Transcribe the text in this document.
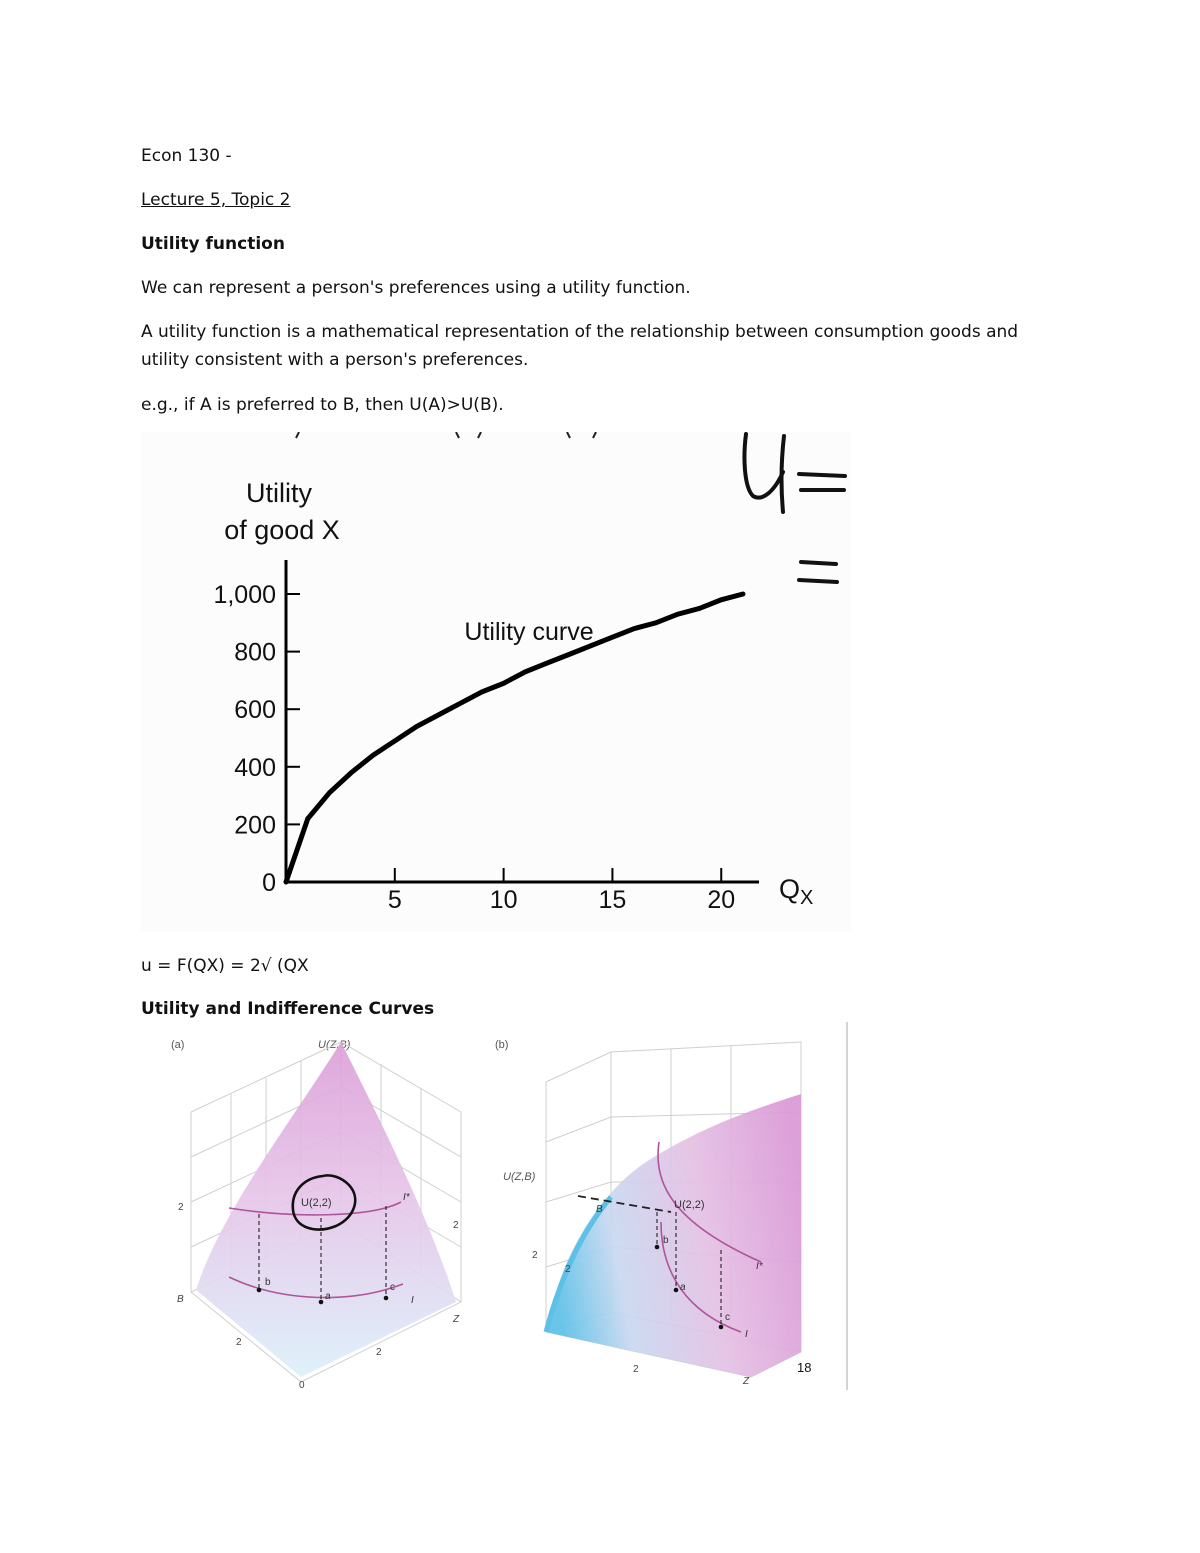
Econ 130 -
Lecture 5, Topic 2
Utility function
We can represent a person's preferences using a utility function.
A utility function is a mathematical representation of the relationship between consumption goods and utility consistent with a person's preferences.
e.g., if A is preferred to B, then U(A)>U(B).
Utility
of good X
0
200
400
600
800
1,000
5	10	15	20
Utility curve
$Q_X$
u = F(QX) = 2√ (QX
Utility and Indifference Curves
(a)	U(Z,B)
U(2,2)	I*
I
a
b	c
2
2
B
Z
2
2
0
(b)
U(Z,B)
B	U(2,2)
I*
I
a
b
c
2
2
2
Z
18
